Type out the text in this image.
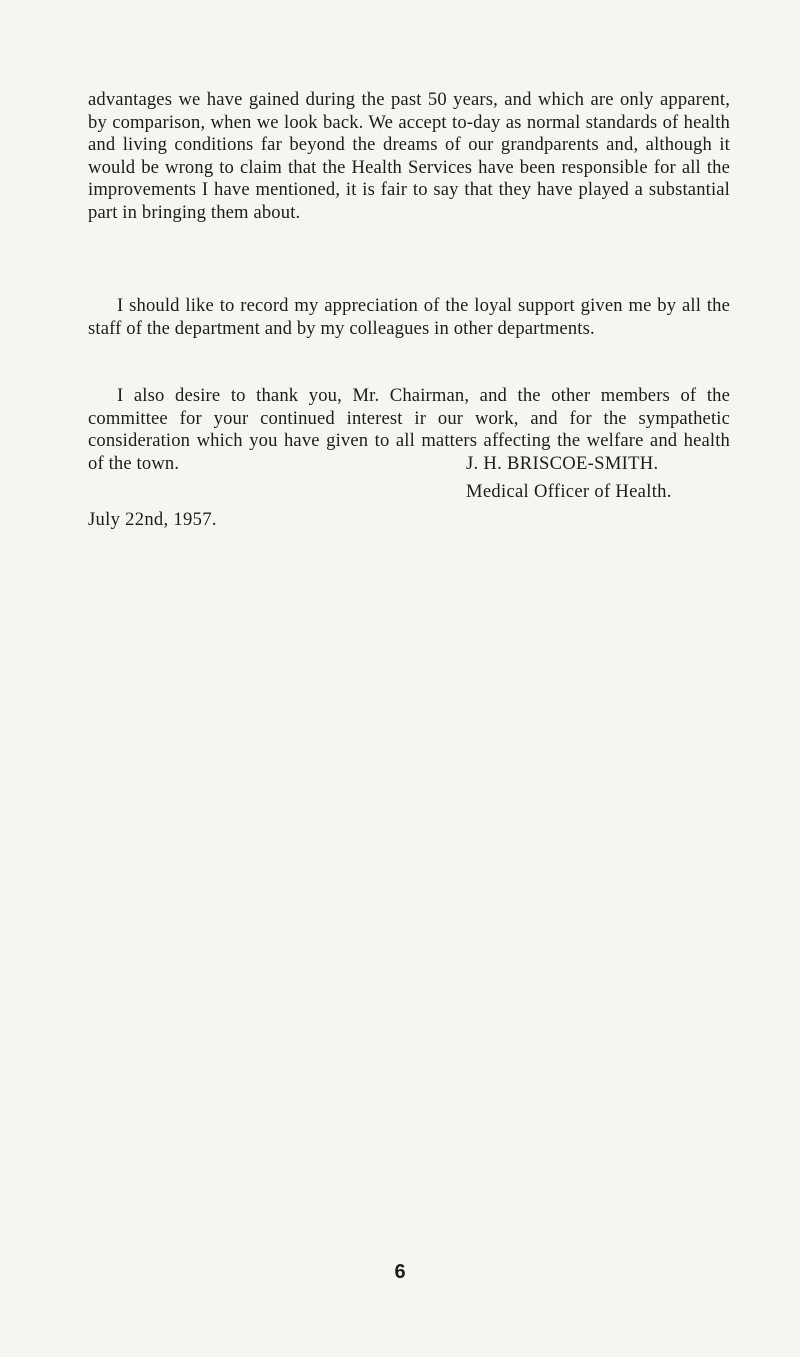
advantages we have gained during the past 50 years, and which are only apparent, by comparison, when we look back. We accept to-day as normal standards of health and living conditions far beyond the dreams of our grandparents and, although it would be wrong to claim that the Health Services have been responsible for all the improvements I have mentioned, it is fair to say that they have played a substantial part in bringing them about.

I should like to record my appreciation of the loyal support given me by all the staff of the department and by my colleagues in other departments.

I also desire to thank you, Mr. Chairman, and the other members of the committee for your continued interest ir our work, and for the sympathetic consideration which you have given to all matters affecting the welfare and health of the town.	J. H. BRISCOE-SMITH.
Medical Officer of Health.
July 22nd, 1957.
6
